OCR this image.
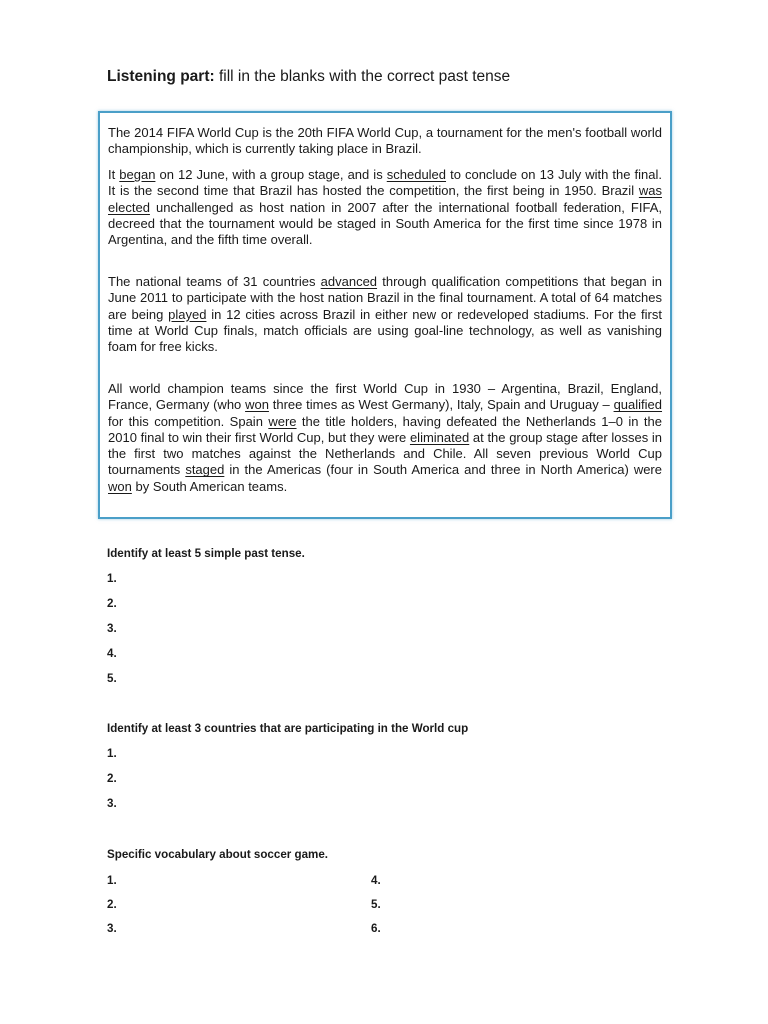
Listening part: fill in the blanks with the correct past tense
The 2014 FIFA World Cup is the 20th FIFA World Cup, a tournament for the men's football world championship, which is currently taking place in Brazil.
It began on 12 June, with a group stage, and is scheduled to conclude on 13 July with the final. It is the second time that Brazil has hosted the competition, the first being in 1950. Brazil was elected unchallenged as host nation in 2007 after the international football federation, FIFA, decreed that the tournament would be staged in South America for the first time since 1978 in Argentina, and the fifth time overall.
The national teams of 31 countries advanced through qualification competitions that began in June 2011 to participate with the host nation Brazil in the final tournament. A total of 64 matches are being played in 12 cities across Brazil in either new or redeveloped stadiums. For the first time at World Cup finals, match officials are using goal-line technology, as well as vanishing foam for free kicks.
All world champion teams since the first World Cup in 1930 – Argentina, Brazil, England, France, Germany (who won three times as West Germany), Italy, Spain and Uruguay – qualified for this competition. Spain were the title holders, having defeated the Netherlands 1–0 in the 2010 final to win their first World Cup, but they were eliminated at the group stage after losses in the first two matches against the Netherlands and Chile. All seven previous World Cup tournaments staged in the Americas (four in South America and three in North America) were won by South American teams.
Identify at least 5 simple past tense.
1.
2.
3.
4.
5.
Identify at least 3 countries that are participating in the World cup
1.
2.
3.
Specific vocabulary about soccer game.
1.
2.
3.
4.
5.
6.
